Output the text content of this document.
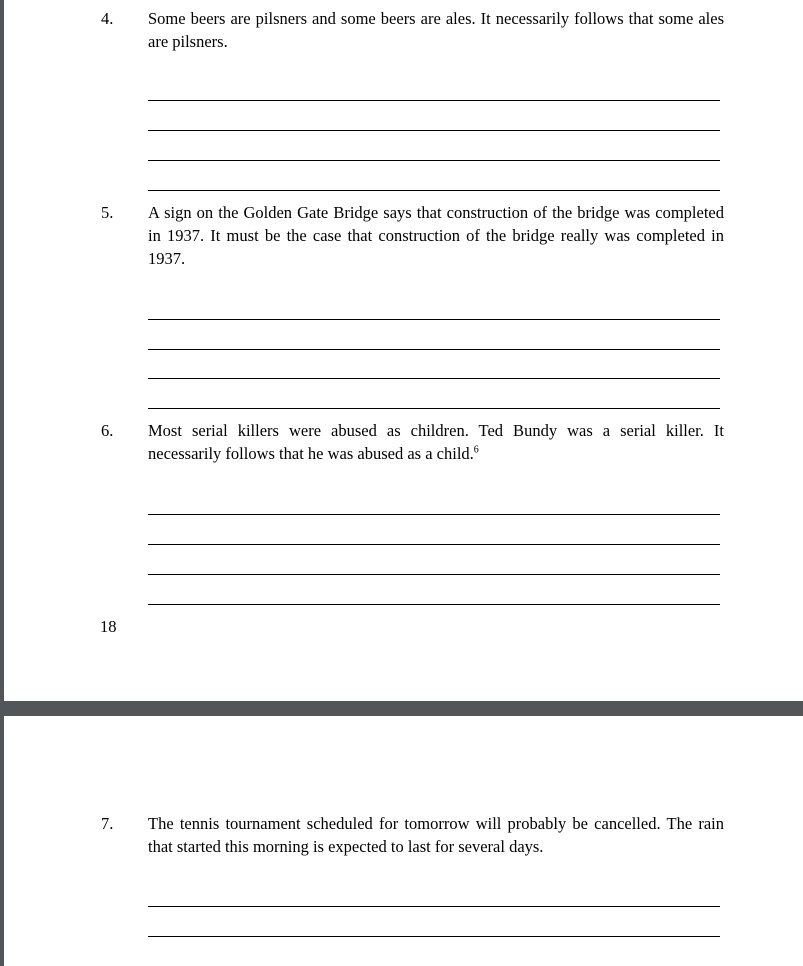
4. Some beers are pilsners and some beers are ales. It necessarily follows that some ales are pilsners.

5. A sign on the Golden Gate Bridge says that construction of the bridge was completed in 1937. It must be the case that construction of the bridge really was completed in 1937.

6. Most serial killers were abused as children. Ted Bundy was a serial killer. It necessarily follows that he was abused as a child.$^6$

18
7. The tennis tournament scheduled for tomorrow will probably be cancelled. The rain that started this morning is expected to last for several days.
